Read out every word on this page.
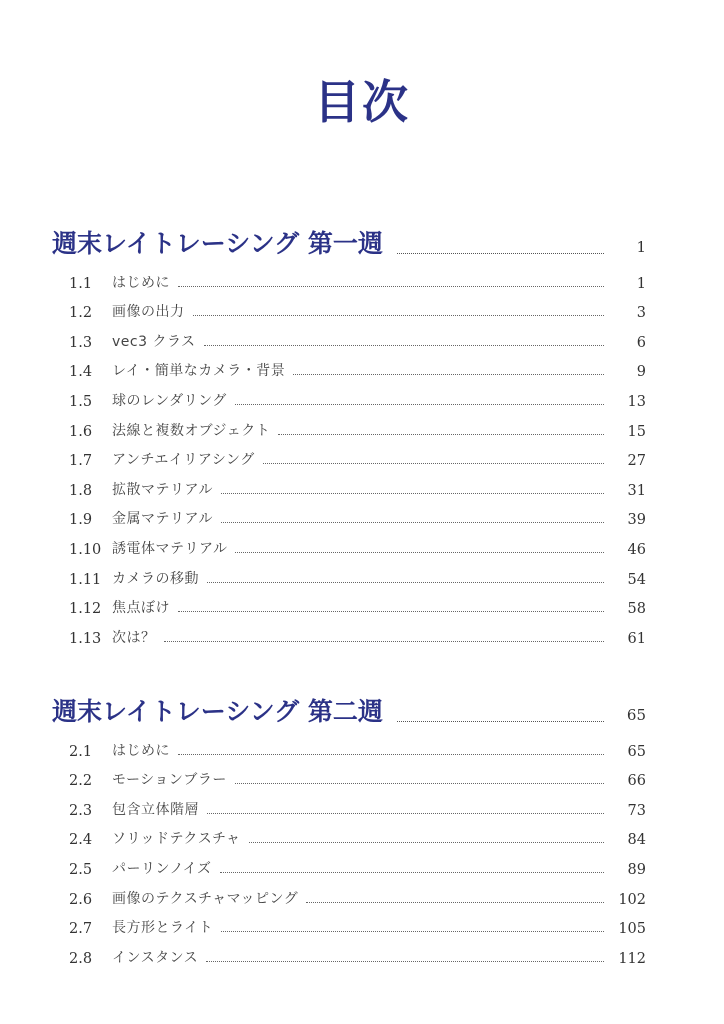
目次
週末レイトレーシング 第一週	1
1.1	はじめに	1
1.2	画像の出力	3
1.3	vec3 クラス	6
1.4	レイ・簡単なカメラ・背景	9
1.5	球のレンダリング	13
1.6	法線と複数オブジェクト	15
1.7	アンチエイリアシング	27
1.8	拡散マテリアル	31
1.9	金属マテリアル	39
1.10 誘電体マテリアル	46
1.11 カメラの移動	54
1.12 焦点ぼけ	58
1.13 次は？	61
週末レイトレーシング 第二週	65
2.1	はじめに	65
2.2	モーションブラー	66
2.3	包含立体階層	73
2.4	ソリッドテクスチャ	84
2.5	パーリンノイズ	89
2.6	画像のテクスチャマッピング	102
2.7	長方形とライト	105
2.8	インスタンス	112
